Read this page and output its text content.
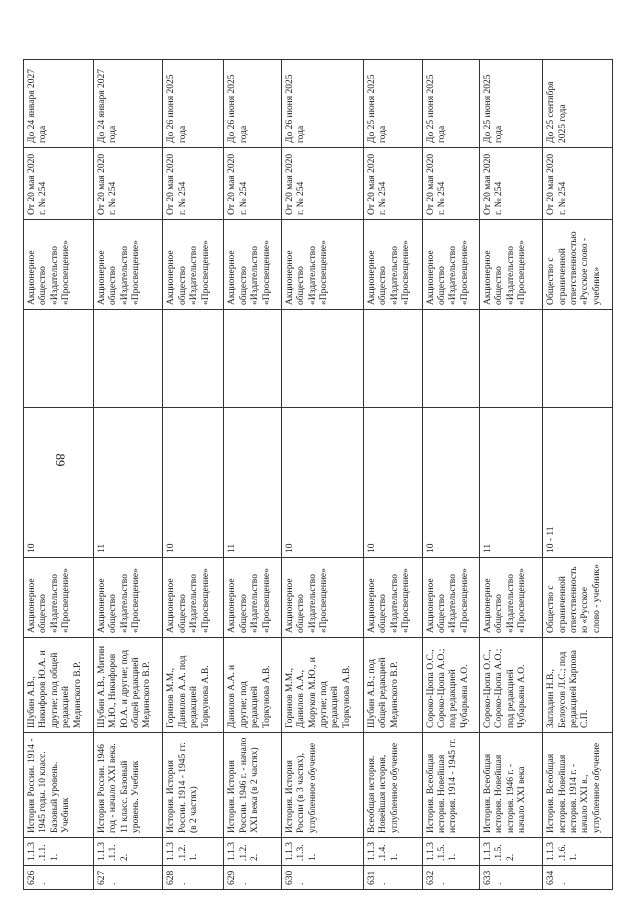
89
626.	1.1.3.1.1.1.	История России. 1914 - 1945 годы. 10 класс. Базовый уровень. Учебник	Шубин А.В., Никифоров Ю.А. и другие; под общей редакцией Мединского В.Р.	Акционерное общество «Издательство «Просвещение»	10		Акционерное общество «Издательство «Просвещение»	От 20 мая 2020 г. № 254	До 24 января 2027 года
627.	1.1.3.1.1.2.	История России. 1946 год - начало XXI века. 11 класс. Базовый уровень. Учебник	Шубин А.В., Митин М.Ю., Никифоров Ю.А. и другие; под общей редакцией Мединского В.Р.	Акционерное общество «Издательство «Просвещение»	11		Акционерное общество «Издательство «Просвещение»	От 20 мая 2020 г. № 254	До 24 января 2027 года
628.	1.1.3.1.2.1.	История. История России. 1914 - 1945 гг. (в 2 частях)	Горинов М.М., Данилов А.А. под редакцией Торкунова А.В.	Акционерное общество «Издательство «Просвещение»	10		Акционерное общество «Издательство «Просвещение»	От 20 мая 2020 г. № 254	До 26 июня 2025 года
629.	1.1.3.1.2.2.	История. История России. 1946 г. - начало XXI века (в 2 частях)	Данилов А.А. и другие; под редакцией Торкунова А.В.	Акционерное общество «Издательство «Просвещение»	11		Акционерное общество «Издательство «Просвещение»	От 20 мая 2020 г. № 254	До 26 июня 2025 года
630.	1.1.3.1.3.1.	История. История России (в 3 частях), углубленное обучение	Горинов М.М., Данилов А.А., Моруков М.Ю., и другие; под редакцией Торкунова А.В.	Акционерное общество «Издательство «Просвещение»	10		Акционерное общество «Издательство «Просвещение»	От 20 мая 2020 г. № 254	До 26 июня 2025 года
631.	1.1.3.1.4.1.	Всеобщая история. Новейшая история, углубленное обучение	Шубин А.В.; под общей редакцией Мединского В.Р.	Акционерное общество «Издательство «Просвещение»	10		Акционерное общество «Издательство «Просвещение»	От 20 мая 2020 г. № 254	До 25 июня 2025 года
632.	1.1.3.1.5.1.	История. Всеобщая история. Новейшая история. 1914 - 1945 гг.	Сороко-Цюпа О.С., Сороко-Цюпа А.О.; под редакцией Чубарьяна А.О.	Акционерное общество «Издательство «Просвещение»	10		Акционерное общество «Издательство «Просвещение»	От 20 мая 2020 г. № 254	До 25 июня 2025 года
633.	1.1.3.1.5.2.	История. Всеобщая история. Новейшая история. 1946 г. - начало XXI века	Сороко-Цюпа О.С., Сороко-Цюпа А.О.; под редакцией Чубарьяна А.О.	Акционерное общество «Издательство «Просвещение»	11		Акционерное общество «Издательство «Просвещение»	От 20 мая 2020 г. № 254	До 25 июня 2025 года
634.	1.1.3.1.6.1.	История. Всеобщая история. Новейшая история. 1914 г. - начало XXI в., углубленное обучение	Загладин Н.В., Белоусов Л.С.; под редакцией Карпова С.П.	Общество с ограниченной ответственностью «Русское слово - учебник»	10 - 11		Общество с ограниченной ответственностью «Русское слово - учебник»	От 20 мая 2020 г. № 254	До 25 сентября 2025 года
